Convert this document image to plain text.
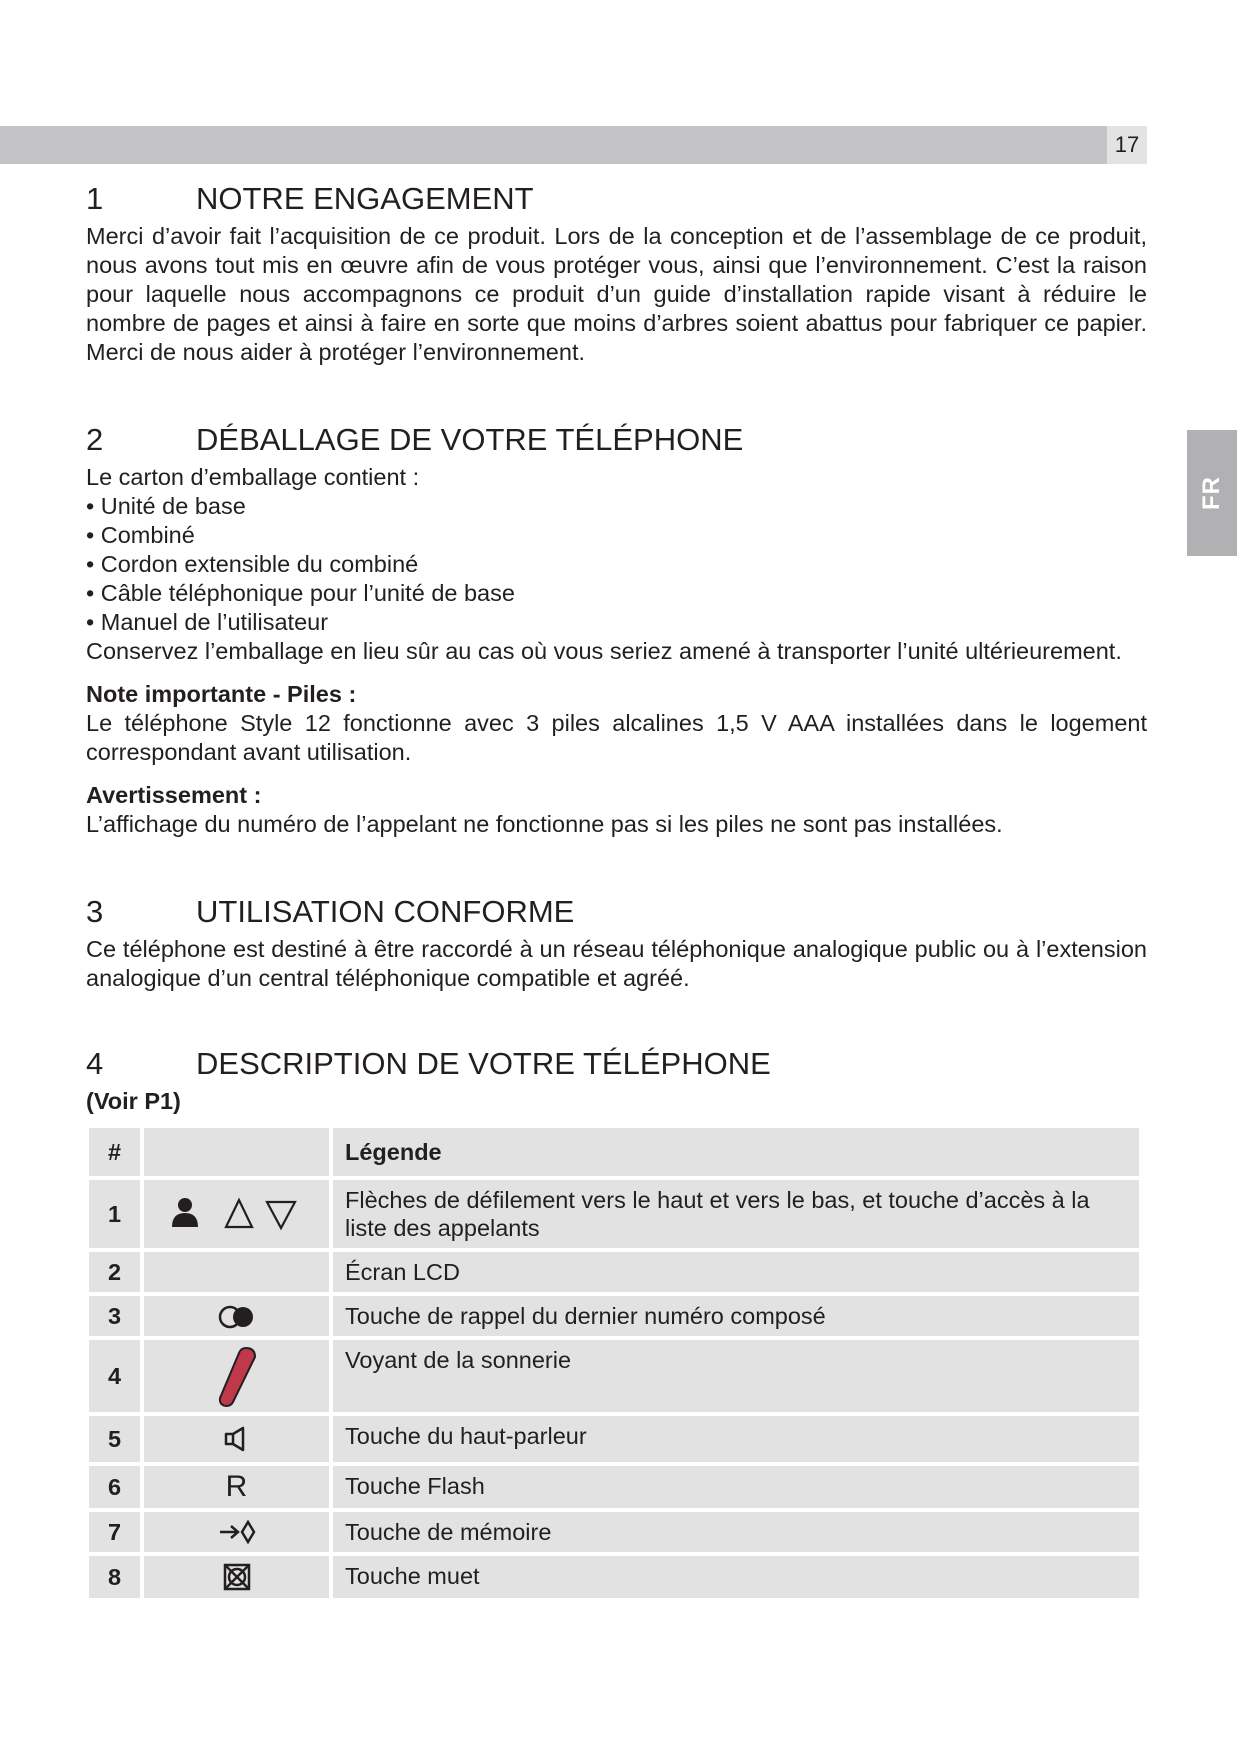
17
FR
1	NOTRE ENGAGEMENT

Merci d’avoir fait l’acquisition de ce produit. Lors de la conception et de l’assemblage de ce produit, nous avons tout mis en œuvre afin de vous protéger vous, ainsi que l’environnement. C’est la raison pour laquelle nous accompagnons ce produit d’un guide d’installation rapide visant à réduire le nombre de pages et ainsi à faire en sorte que moins d’arbres soient abattus pour fabriquer ce papier. Merci de nous aider à protéger l’environnement.

2	DÉBALLAGE DE VOTRE TÉLÉPHONE

Le carton d’emballage contient :

• Unité de base
• Combiné
• Cordon extensible du combiné
• Câble téléphonique pour l’unité de base
• Manuel de l’utilisateur

Conservez l’emballage en lieu sûr au cas où vous seriez amené à transporter l’unité ultérieurement.

Note importante - Piles :

Le téléphone Style 12 fonctionne avec 3 piles alcalines 1,5 V AAA installées dans le logement correspondant avant utilisation.

Avertissement :

L’affichage du numéro de l’appelant ne fonctionne pas si les piles ne sont pas installées.

3	UTILISATION CONFORME

Ce téléphone est destiné à être raccordé à un réseau téléphonique analogique public ou à l’extension analogique d’un central téléphonique compatible et agréé.

4	DESCRIPTION DE VOTRE TÉLÉPHONE

(Voir P1)

#		Légende
1		Flèches de défilement vers le haut et vers le bas, et touche d’accès à la liste des appelants
2		Écran LCD
3		Touche de rappel du dernier numéro composé
4		Voyant de la sonnerie
5		Touche du haut-parleur
6	R	Touche Flash
7		Touche de mémoire
8		Touche muet
